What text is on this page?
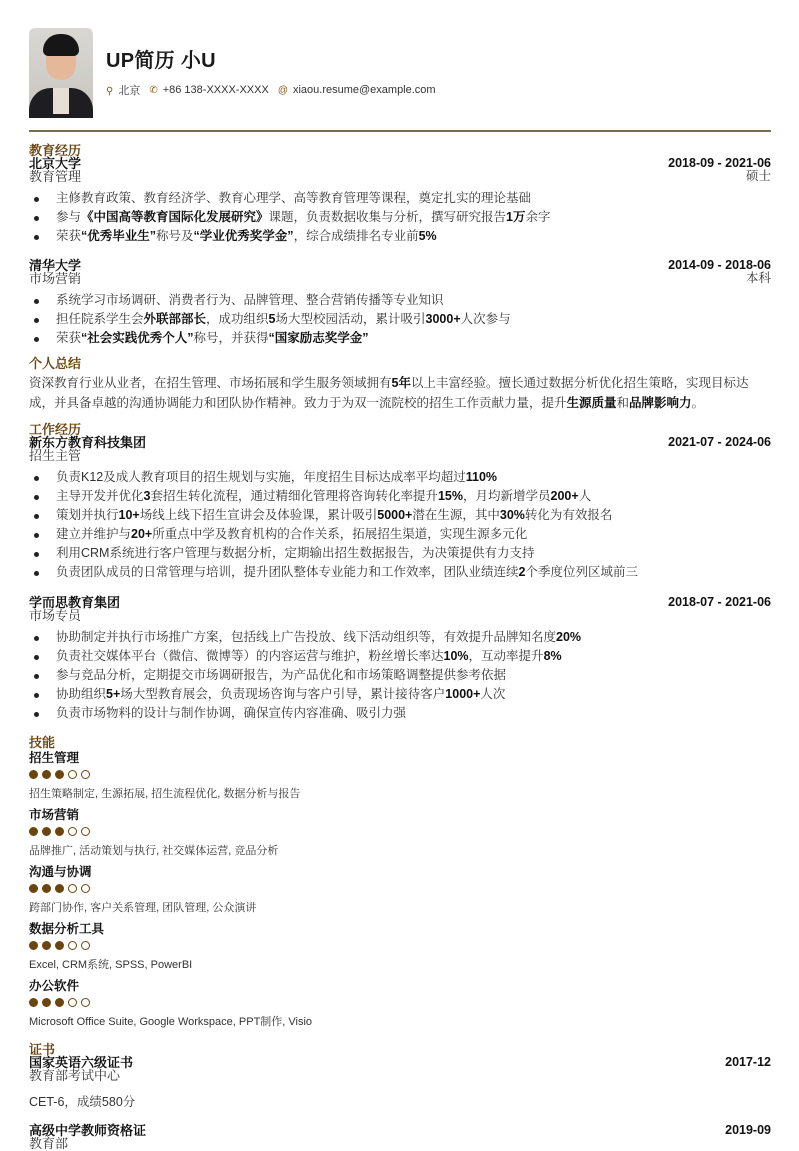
UP简历 小U
⚲ 北京 ✆ +86 138-XXXX-XXXX @ xiaou.resume@example.com
教育经历
北京大学	2018-09 - 2021-06
教育管理	硕士
主修教育政策、教育经济学、教育心理学、高等教育管理等课程，奠定扎实的理论基础
参与《中国高等教育国际化发展研究》课题，负责数据收集与分析，撰写研究报告1万余字
荣获“优秀毕业生”称号及“学业优秀奖学金”，综合成绩排名专业前5%
清华大学	2014-09 - 2018-06
市场营销	本科
系统学习市场调研、消费者行为、品牌管理、整合营销传播等专业知识
担任院系学生会外联部部长，成功组织5场大型校园活动，累计吸引3000+人次参与
荣获“社会实践优秀个人”称号，并获得“国家励志奖学金”
个人总结
资深教育行业从业者，在招生管理、市场拓展和学生服务领域拥有5年以上丰富经验。擅长通过数据分析优化招生策略，实现目标达成，并具备卓越的沟通协调能力和团队协作精神。致力于为双一流院校的招生工作贡献力量，提升生源质量和品牌影响力。
工作经历
新东方教育科技集团	2021-07 - 2024-06
招生主管
负责K12及成人教育项目的招生规划与实施，年度招生目标达成率平均超过110%
主导开发并优化3套招生转化流程，通过精细化管理将咨询转化率提升15%，月均新增学员200+人
策划并执行10+场线上线下招生宣讲会及体验课，累计吸引5000+潜在生源，其中30%转化为有效报名
建立并维护与20+所重点中学及教育机构的合作关系，拓展招生渠道，实现生源多元化
利用CRM系统进行客户管理与数据分析，定期输出招生数据报告，为决策提供有力支持
负责团队成员的日常管理与培训，提升团队整体专业能力和工作效率，团队业绩连续2个季度位列区域前三
学而思教育集团	2018-07 - 2021-06
市场专员
协助制定并执行市场推广方案，包括线上广告投放、线下活动组织等，有效提升品牌知名度20%
负责社交媒体平台（微信、微博等）的内容运营与维护，粉丝增长率达10%，互动率提升8%
参与竞品分析，定期提交市场调研报告，为产品优化和市场策略调整提供参考依据
协助组织5+场大型教育展会，负责现场咨询与客户引导，累计接待客户1000+人次
负责市场物料的设计与制作协调，确保宣传内容准确、吸引力强
技能
招生管理
招生策略制定, 生源拓展, 招生流程优化, 数据分析与报告
市场营销
品牌推广, 活动策划与执行, 社交媒体运营, 竞品分析
沟通与协调
跨部门协作, 客户关系管理, 团队管理, 公众演讲
数据分析工具
Excel, CRM系统, SPSS, PowerBI
办公软件
Microsoft Office Suite, Google Workspace, PPT制作, Visio
证书
国家英语六级证书	2017-12
教育部考试中心
CET-6，成绩580分
高级中学教师资格证	2019-09
教育部
